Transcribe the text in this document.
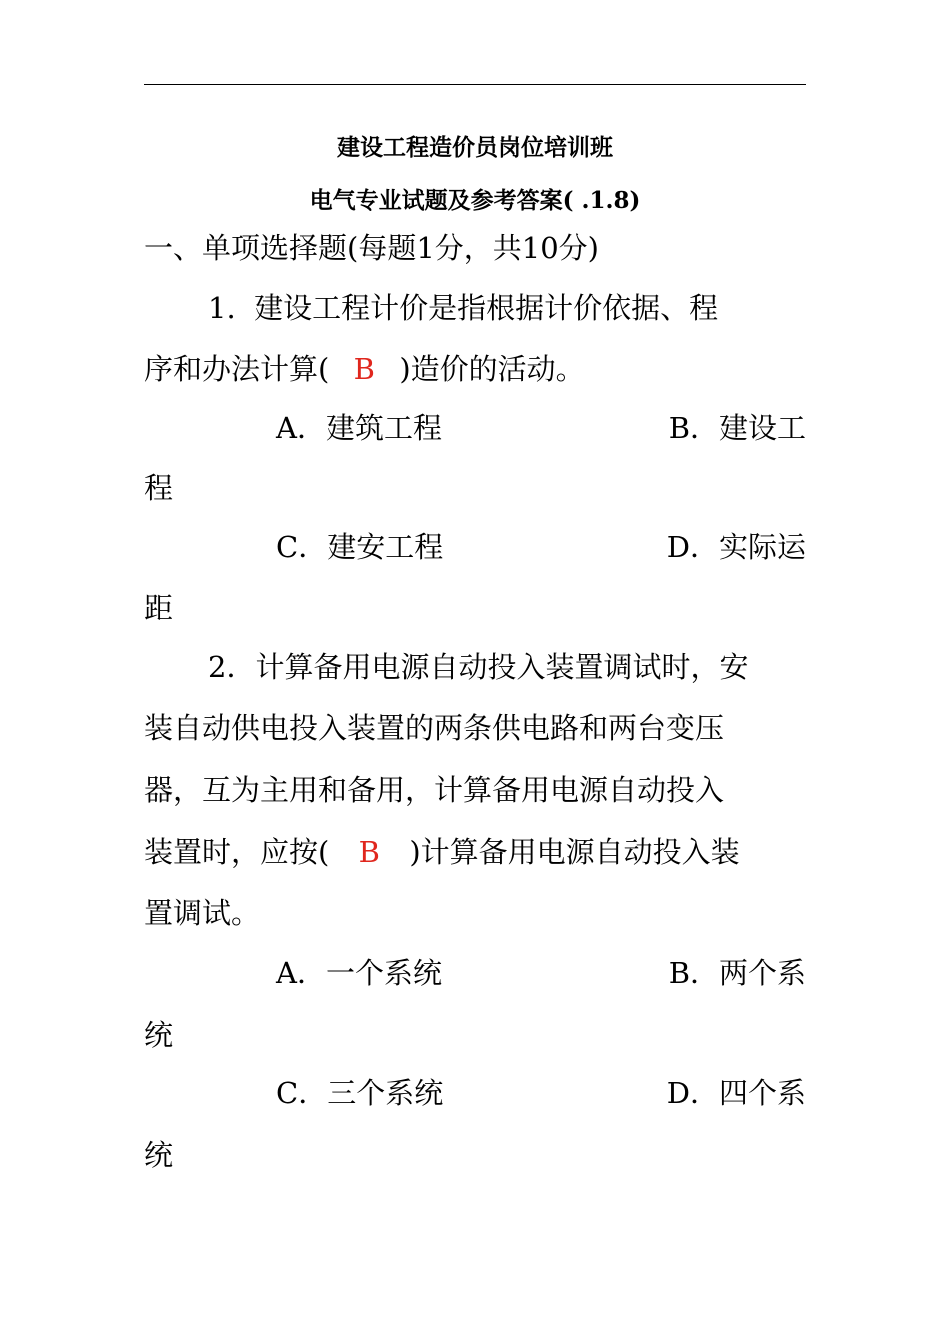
建设工程造价员岗位培训班
电气专业试题及参考答案( .1.8)
一、单项选择题(每题1分，共10分)
1.  建设工程计价是指根据计价依据、程
序和办法计算( B )造价的活动。
A．建筑工程	B．建设工
程
C．建安工程	D．实际运
距
2．计算备用电源自动投入装置调试时，安
装自动供电投入装置的两条供电路和两台变压
器，互为主用和备用，计算备用电源自动投入
装置时，应按( B )计算备用电源自动投入装
置调试。
A．一个系统	B．两个系
统
C．三个系统	D．四个系
统
